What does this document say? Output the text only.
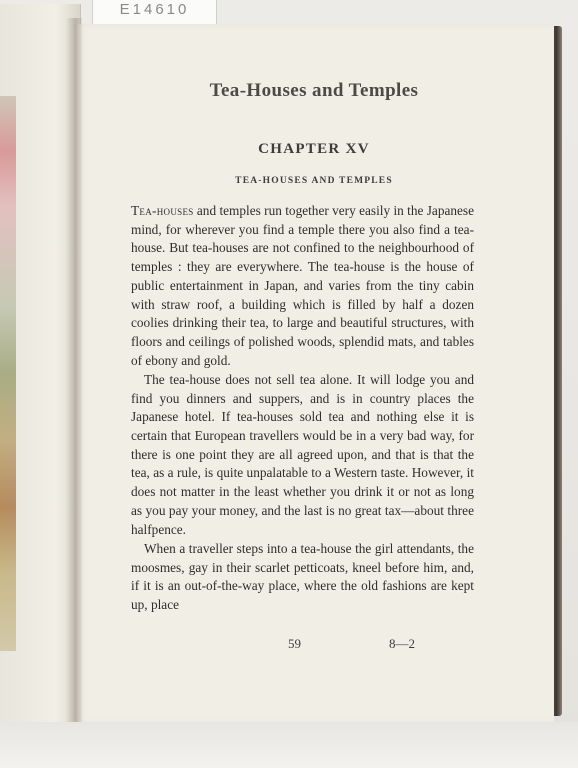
E14610
Tea-Houses and Temples
CHAPTER XV
TEA-HOUSES AND TEMPLES

Tea-houses and temples run together very easily in the Japanese mind, for wherever you find a temple there you also find a tea-house. But tea-houses are not confined to the neighbourhood of temples : they are everywhere. The tea-house is the house of public entertainment in Japan, and varies from the tiny cabin with straw roof, a building which is filled by half a dozen coolies drinking their tea, to large and beautiful structures, with floors and ceilings of polished woods, splendid mats, and tables of ebony and gold.

The tea-house does not sell tea alone. It will lodge you and find you dinners and suppers, and is in country places the Japanese hotel. If tea-houses sold tea and nothing else it is certain that European travellers would be in a very bad way, for there is one point they are all agreed upon, and that is that the tea, as a rule, is quite unpalatable to a Western taste. However, it does not matter in the least whether you drink it or not as long as you pay your money, and the last is no great tax—about three halfpence.

When a traveller steps into a tea-house the girl attendants, the moosmes, gay in their scarlet petticoats, kneel before him, and, if it is an out-of-the-way place, where the old fashions are kept up, place

59	8—2
